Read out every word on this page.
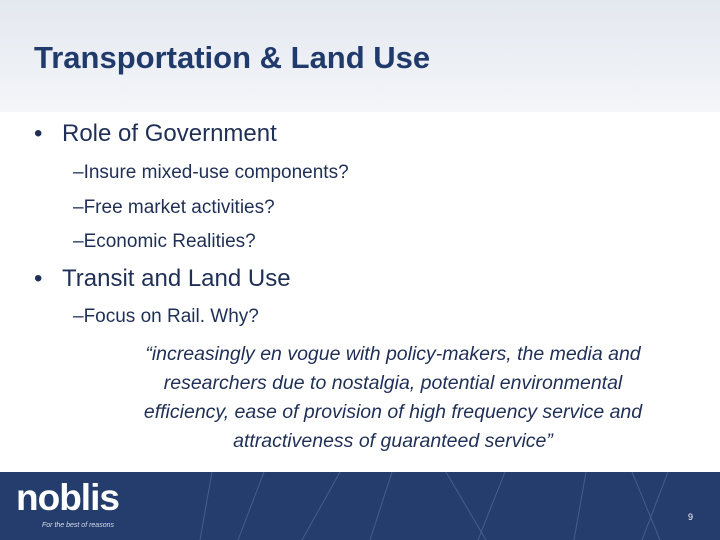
Transportation & Land Use
• Role of Government
–Insure mixed-use components?
–Free market activities?
–Economic Realities?
• Transit and Land Use
–Focus on Rail. Why?
“increasingly en vogue with policy-makers, the media and
researchers due to nostalgia, potential environmental
efficiency, ease of provision of high frequency service and
attractiveness of guaranteed service”
noblis
For the best of reasons
9
